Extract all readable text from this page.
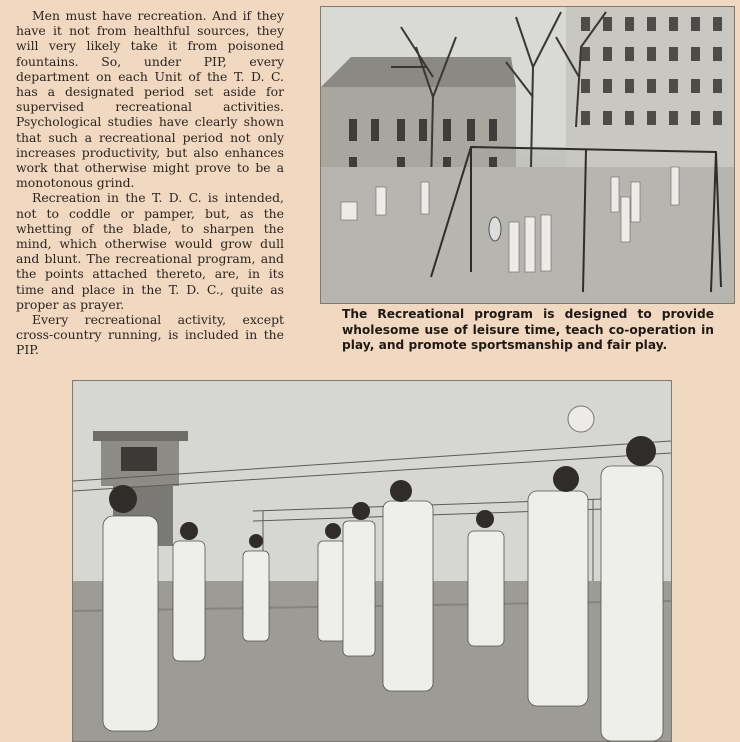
Men must have recreation. And if they have it not from healthful sources, they will very likely take it from poisoned fountains. So, under PIP, every department on each Unit of the T. D. C. has a designated period set aside for supervised recreational activities. Psychological studies have clearly shown that such a recreational period not only increases productivity, but also enhances work that otherwise might prove to be a monotonous grind.

Recreation in the T. D. C. is intended, not to coddle or pamper, but, as the whetting of the blade, to sharpen the mind, which otherwise would grow dull and blunt. The recreational program, and the points attached thereto, are, in its time and place in the T. D. C., quite as proper as prayer.

Every recreational activity, except cross-country running, is included in the PIP.

The Recreational program is designed to provide wholesome use of leisure time, teach co-operation in play, and promote sportsmanship and fair play.
